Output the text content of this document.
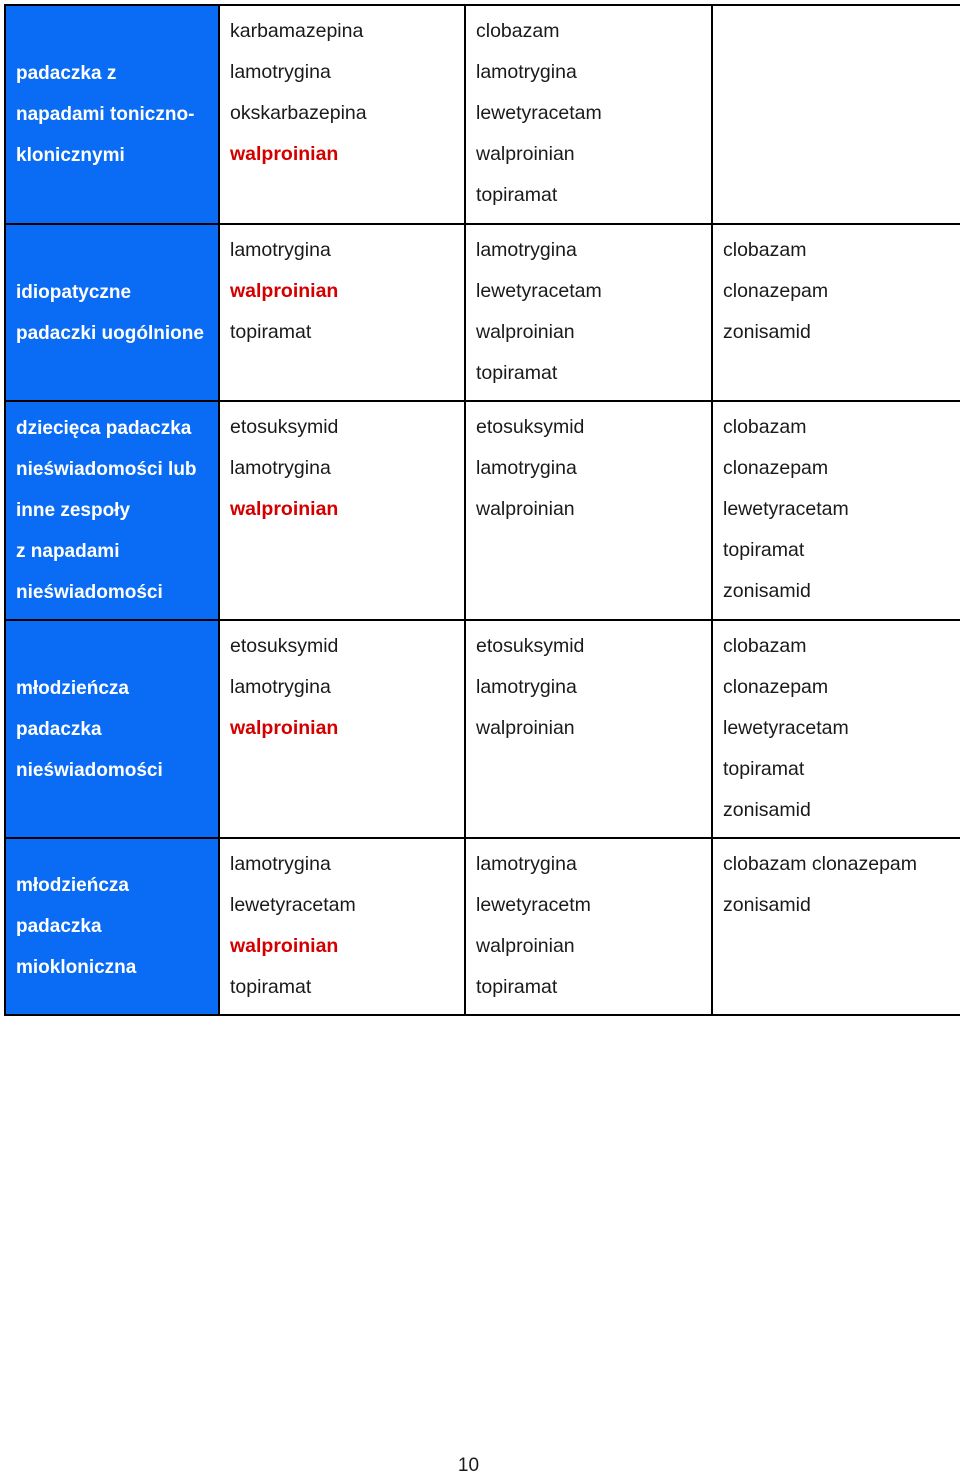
padaczka z
napadami toniczno-
klonicznymi	karbamazepina
lamotrygina
okskarbazepina
walproinian	clobazam
lamotrygina
lewetyracetam
walproinian
topiramat	

idiopatyczne
padaczki uogólnione	lamotrygina
walproinian
topiramat	lamotrygina
lewetyracetam
walproinian
topiramat	clobazam
clonazepam
zonisamid

dziecięca padaczka
nieświadomości lub
inne zespoły
z napadami
nieświadomości	etosuksymid
lamotrygina
walproinian	etosuksymid
lamotrygina
walproinian	clobazam
clonazepam
lewetyracetam
topiramat
zonisamid

młodzieńcza
padaczka
nieświadomości	etosuksymid
lamotrygina
walproinian	etosuksymid
lamotrygina
walproinian	clobazam
clonazepam
lewetyracetam
topiramat
zonisamid

młodzieńcza
padaczka
miokloniczna	lamotrygina
lewetyracetam
walproinian
topiramat	lamotrygina
lewetyracetm
walproinian
topiramat	clobazam clonazepam
zonisamid
10
